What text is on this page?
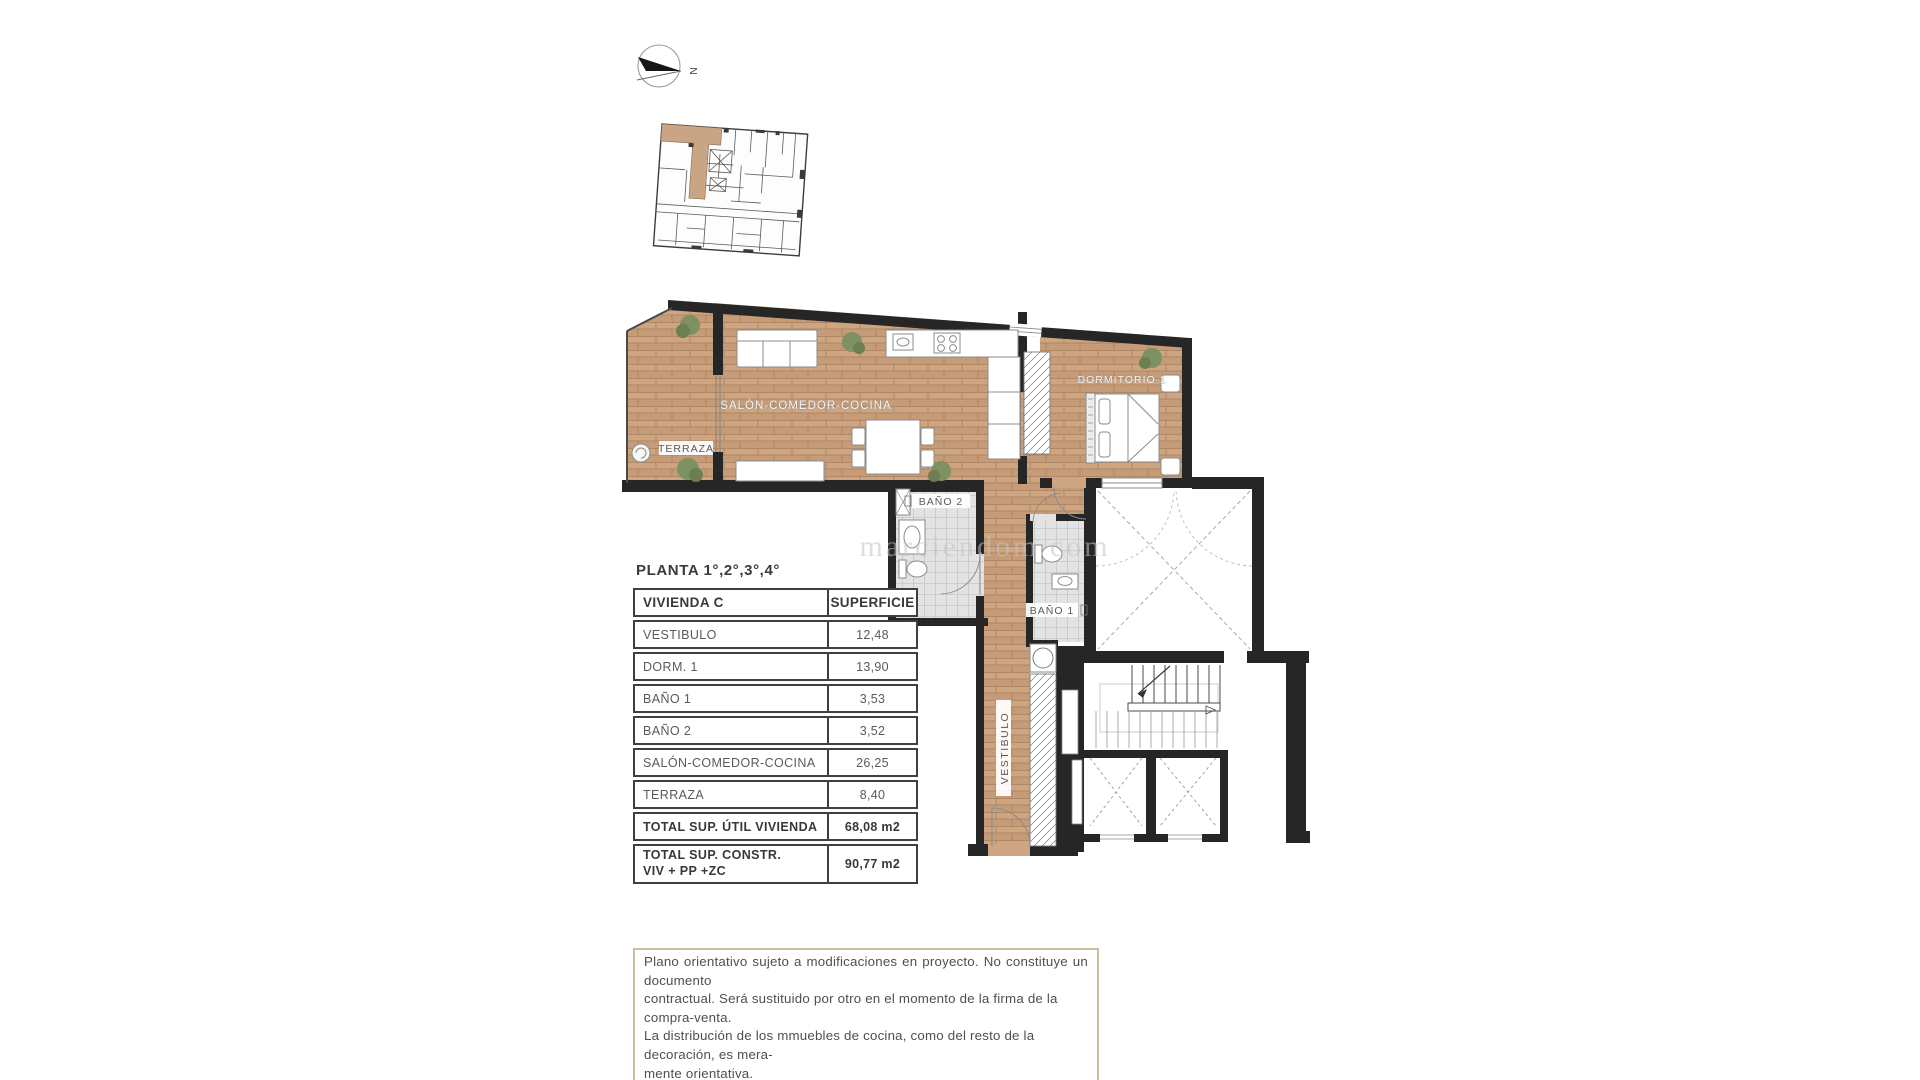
N
TERRAZA
SALÓN-COMEDOR-COCINA
DORMITORIO 1
BAÑO 2
BAÑO 1
VESTIBULO
marciendom com
PLANTA 1°,2°,3°,4°
VIVIENDA C	SUPERFICIE
VESTIBULO	12,48
DORM. 1	13,90
BAÑO 1	3,53
BAÑO 2	3,52
SALÓN-COMEDOR-COCINA	26,25
TERRAZA	8,40
TOTAL SUP. ÚTIL VIVIENDA	68,08 m2
TOTAL SUP. CONSTR.
VIV + PP +ZC	90,77 m2
Plano orientativo sujeto a modificaciones en proyecto. No constituye un documento
contractual. Será sustituido por otro en el momento de la firma de la compra-venta.
La distribución de los mmuebles de cocina, como del resto de la decoración, es mera-
mente orientativa.
